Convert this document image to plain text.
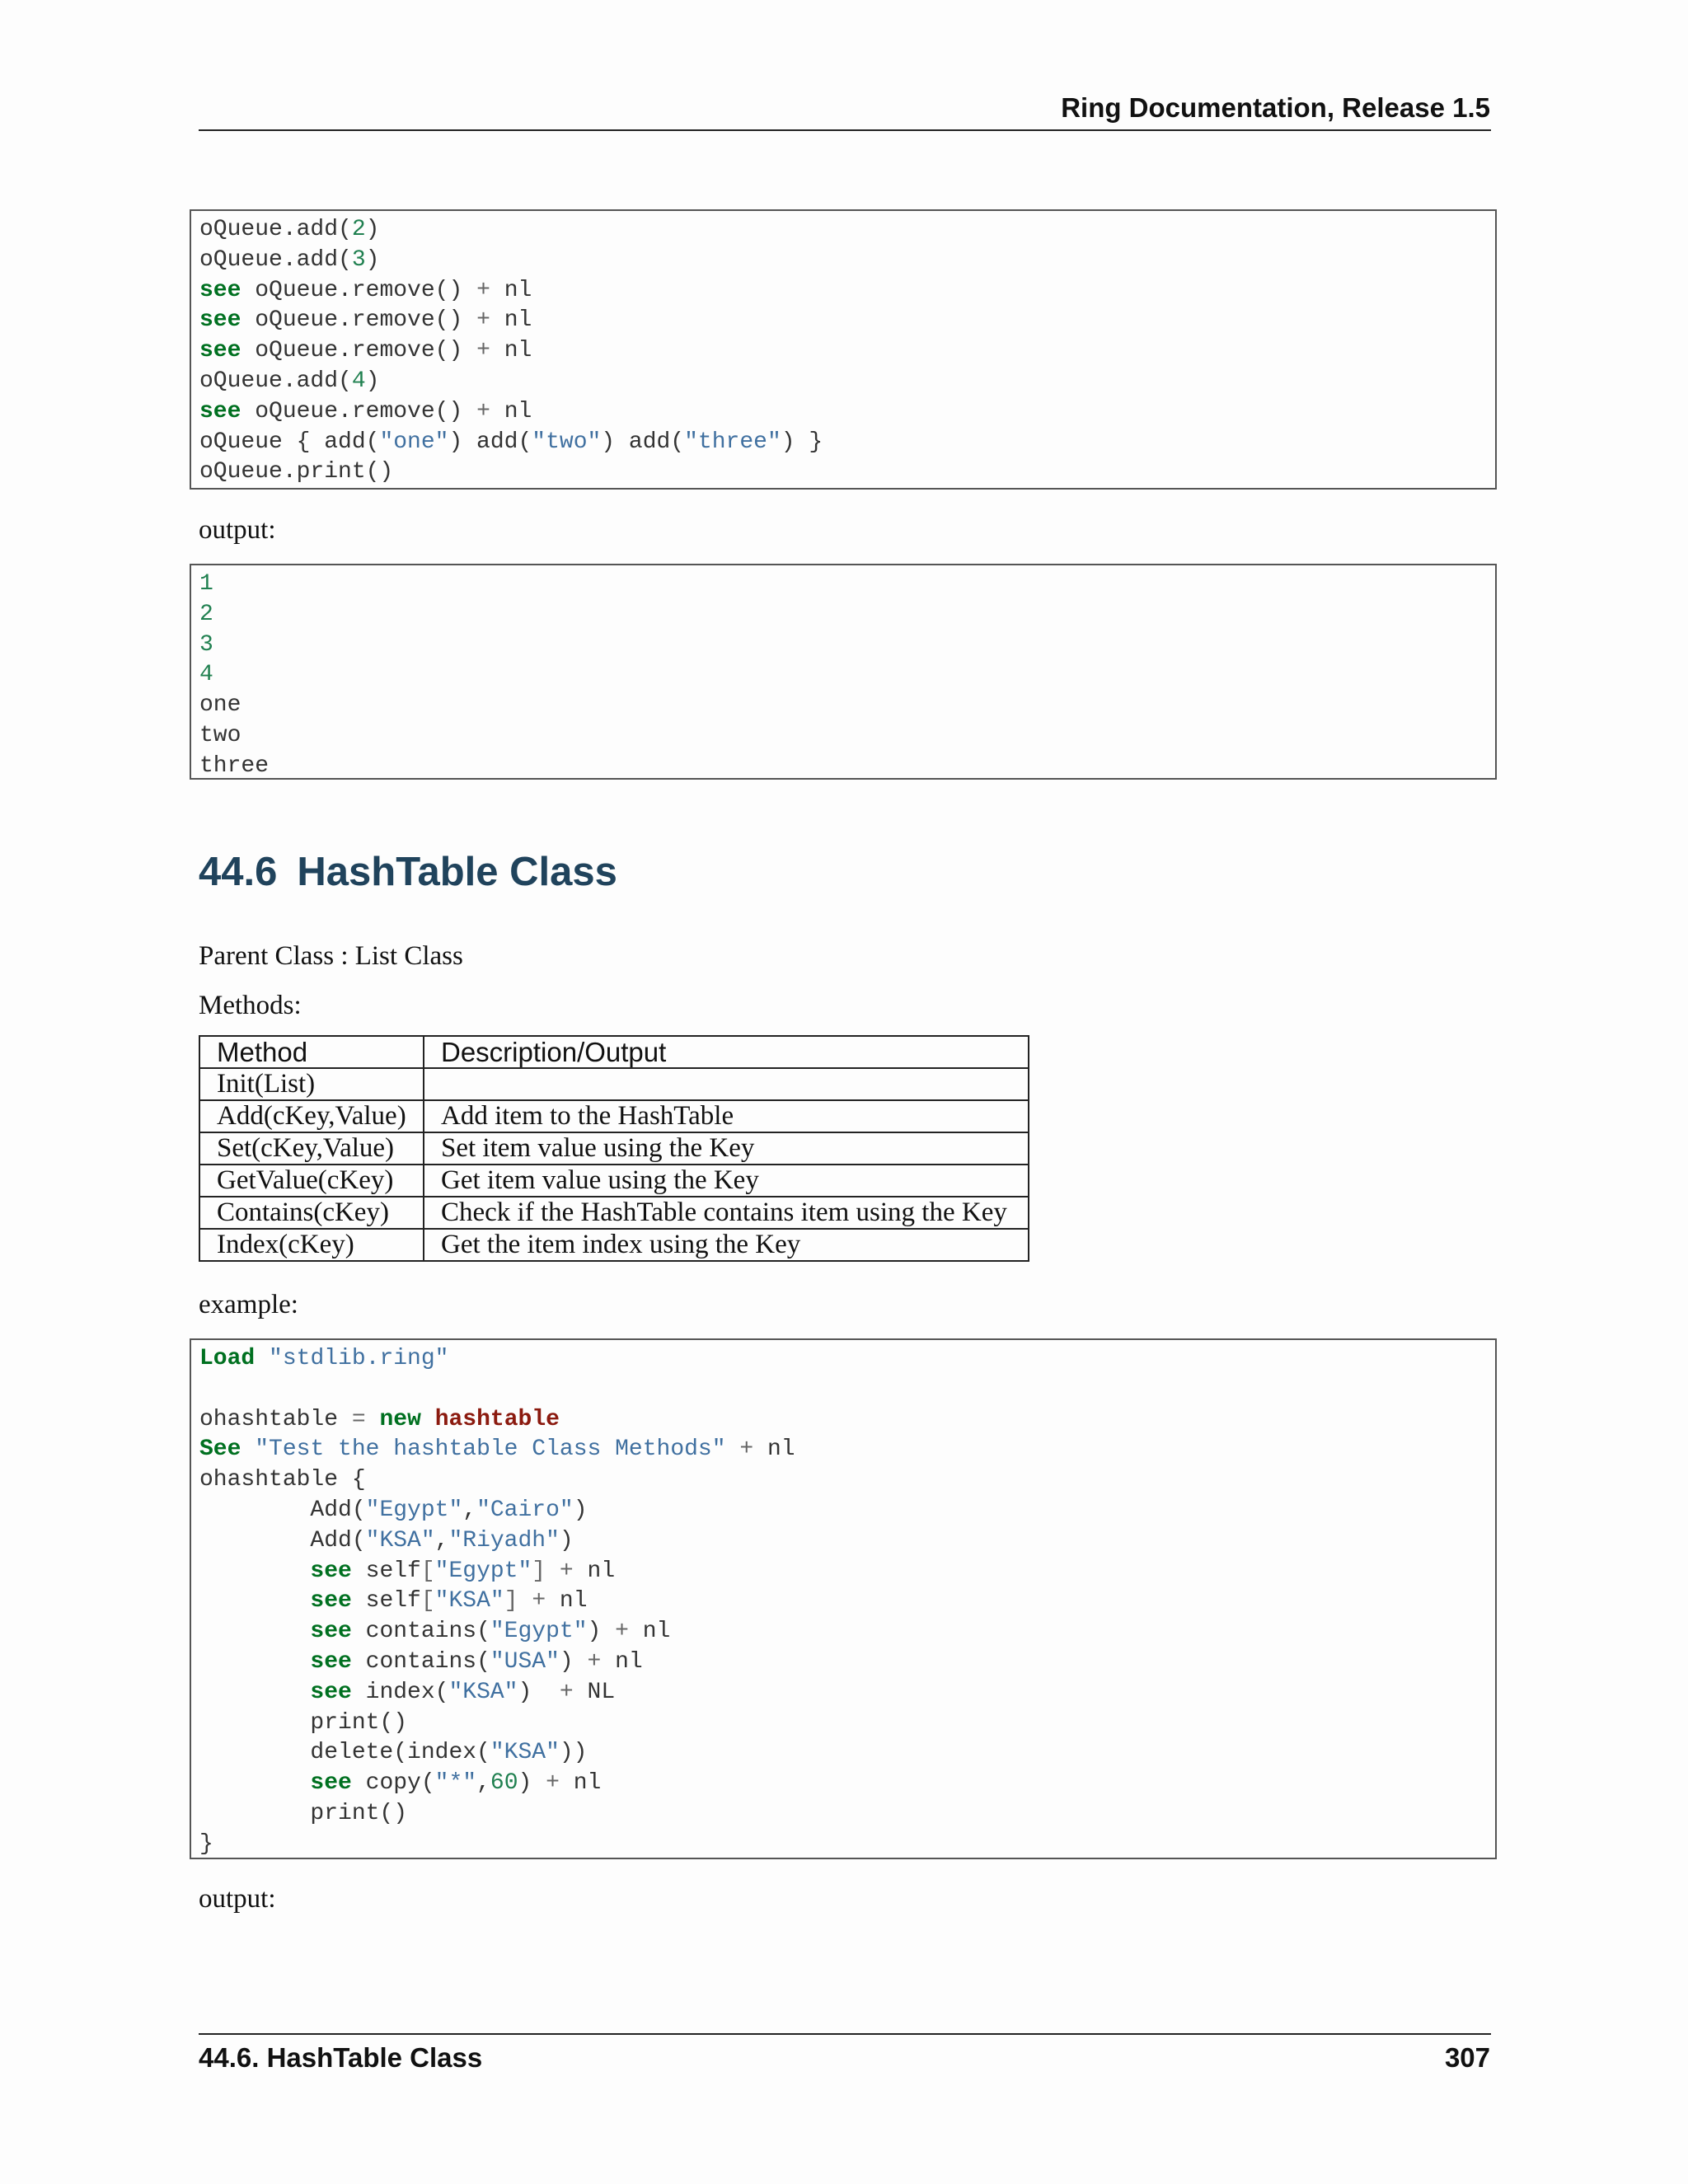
Ring Documentation, Release 1.5
oQueue.add(2)
oQueue.add(3)
see oQueue.remove() + nl
see oQueue.remove() + nl
see oQueue.remove() + nl
oQueue.add(4)
see oQueue.remove() + nl
oQueue { add("one") add("two") add("three") }
oQueue.print()
output:
1
2
3
4
one
two
three
44.6 HashTable Class
Parent Class : List Class
Methods:
Method	Description/Output
Init(List)	
Add(cKey,Value)	Add item to the HashTable
Set(cKey,Value)	Set item value using the Key
GetValue(cKey)	Get item value using the Key
Contains(cKey)	Check if the HashTable contains item using the Key
Index(cKey)	Get the item index using the Key
example:
Load "stdlib.ring"
ohashtable = new hashtable
See "Test the hashtable Class Methods" + nl
ohashtable {
Add("Egypt","Cairo")
Add("KSA","Riyadh")
see self["Egypt"] + nl
see self["KSA"] + nl
see contains("Egypt") + nl
see contains("USA") + nl
see index("KSA")  + NL
print()
delete(index("KSA"))
see copy("*",60) + nl
print()
}
output:
44.6. HashTable Class	307
